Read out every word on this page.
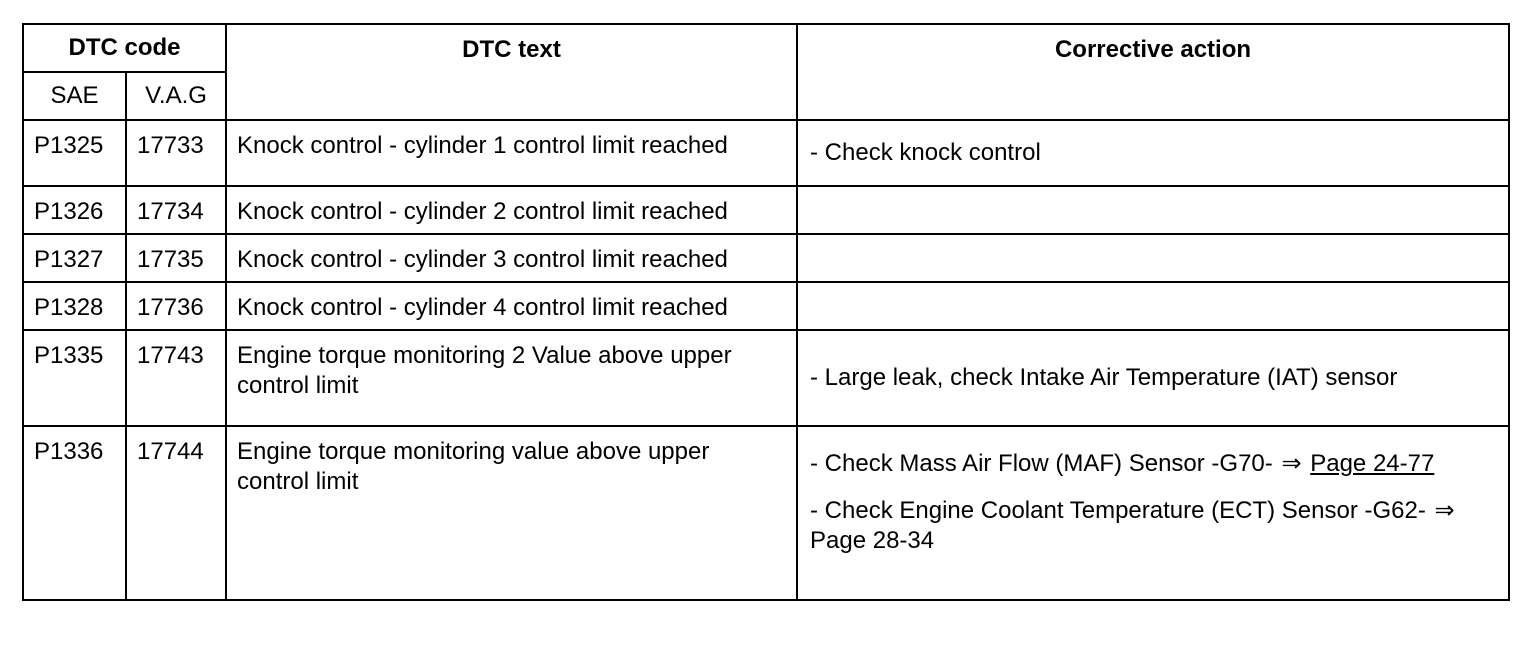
DTC code		DTC text	Corrective action
SAE	V.A.G		
P1325	17733	Knock control - cylinder 1 control limit reached	- Check knock control

P1326	17734	Knock control - cylinder 2 control limit reached	
P1327	17735	Knock control - cylinder 3 control limit reached	
P1328	17736	Knock control - cylinder 4 control limit reached	
P1335	17743	Engine torque monitoring 2 Value above upper control limit	- Large leak, check Intake Air Temperature (IAT) sensor

P1336	17744	Engine torque monitoring value above upper control limit	- Check Mass Air Flow (MAF) Sensor -G70- ⇒ Page 24-77

- Check Engine Coolant Temperature (ECT) Sensor -G62- ⇒ Page 28-34
